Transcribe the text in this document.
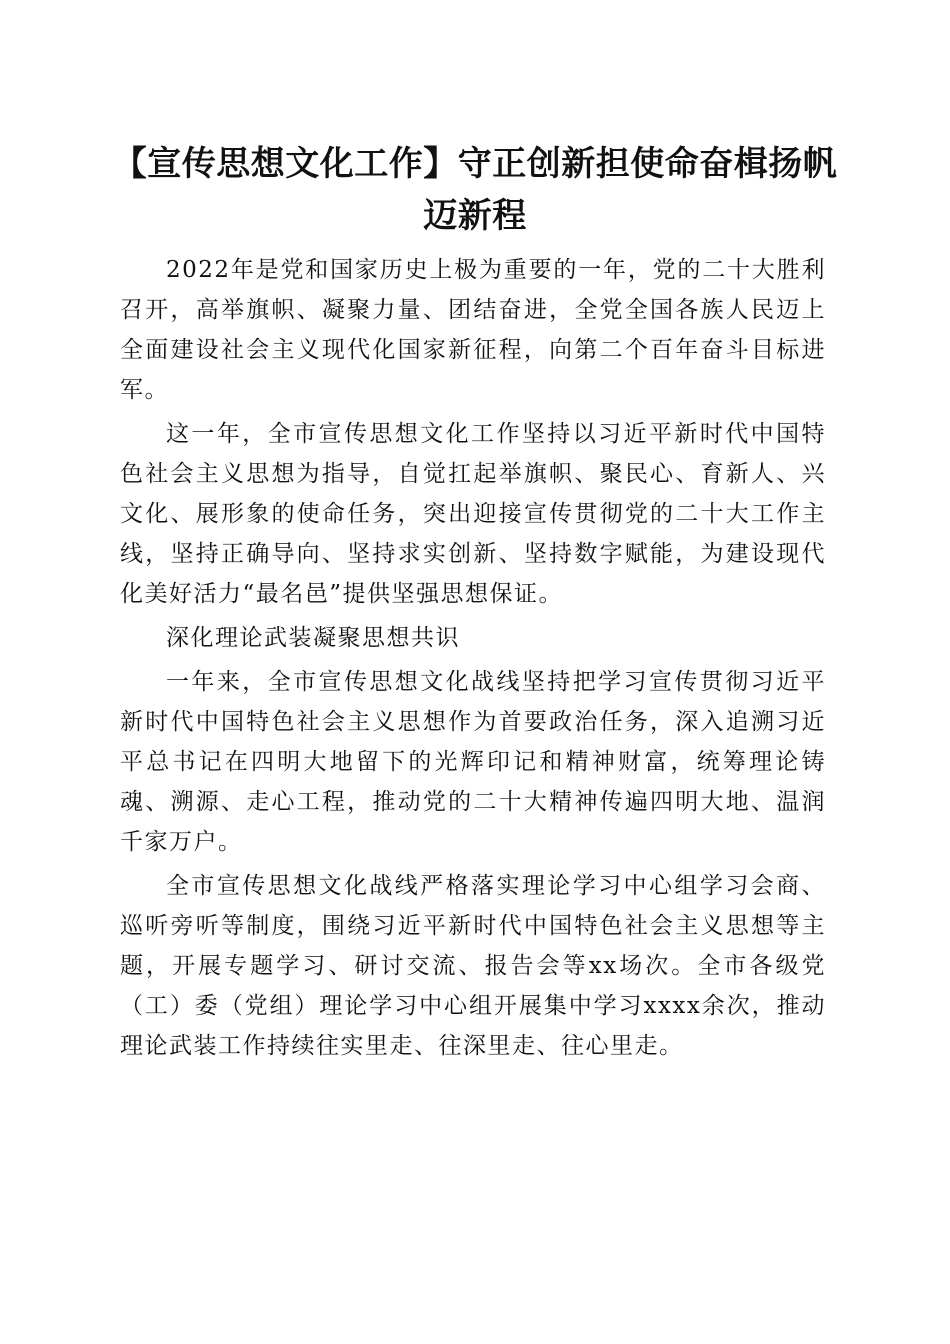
【宣传思想文化工作】守正创新担使命奋楫扬帆迈新程

2022年是党和国家历史上极为重要的一年，党的二十大胜利召开，高举旗帜、凝聚力量、团结奋进，全党全国各族人民迈上全面建设社会主义现代化国家新征程，向第二个百年奋斗目标进军。

这一年，全市宣传思想文化工作坚持以习近平新时代中国特色社会主义思想为指导，自觉扛起举旗帜、聚民心、育新人、兴文化、展形象的使命任务，突出迎接宣传贯彻党的二十大工作主线，坚持正确导向、坚持求实创新、坚持数字赋能，为建设现代化美好活力“最名邑”提供坚强思想保证。

深化理论武装凝聚思想共识

一年来，全市宣传思想文化战线坚持把学习宣传贯彻习近平新时代中国特色社会主义思想作为首要政治任务，深入追溯习近平总书记在四明大地留下的光辉印记和精神财富，统筹理论铸魂、溯源、走心工程，推动党的二十大精神传遍四明大地、温润千家万户。

全市宣传思想文化战线严格落实理论学习中心组学习会商、巡听旁听等制度，围绕习近平新时代中国特色社会主义思想等主题，开展专题学习、研讨交流、报告会等xx场次。全市各级党（工）委（党组）理论学习中心组开展集中学习xxxx余次，推动理论武装工作持续往实里走、往深里走、往心里走。
